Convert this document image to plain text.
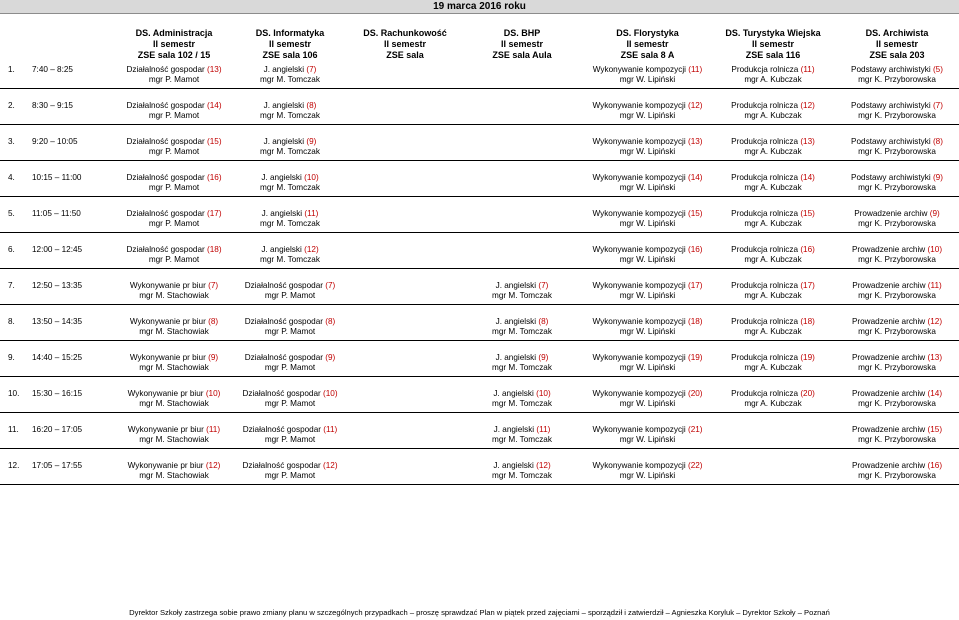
19 marca 2016 roku

	DS. Administracja
II semestr
ZSE sala 102 / 15	DS. Informatyka
II semestr
ZSE sala 106	DS. Rachunkowość
II semestr
ZSE sala	DS. BHP
II semestr
ZSE sala Aula	DS. Florystyka
II semestr
ZSE sala 8 A	DS. Turystyka Wiejska
II semestr
ZSE sala 116	DS. Archiwista
II semestr
ZSE sala 203

1. 7:40 – 8:25	Działalność gospodar (13)
mgr P. Mamot	J. angielski (7)
mgr M. Tomczak			Wykonywanie kompozycji (11)
mgr W. Lipiński	Produkcja rolnicza (11)
mgr A. Kubczak	Podstawy archiwistyki (5)
mgr K. Przyborowska

2. 8:30 – 9:15	Działalność gospodar (14)
mgr P. Mamot	J. angielski (8)
mgr M. Tomczak			Wykonywanie kompozycji (12)
mgr W. Lipiński	Produkcja rolnicza (12)
mgr A. Kubczak	Podstawy archiwistyki (7)
mgr K. Przyborowska

3. 9:20 – 10:05	Działalność gospodar (15)
mgr P. Mamot	J. angielski (9)
mgr M. Tomczak			Wykonywanie kompozycji (13)
mgr W. Lipiński	Produkcja rolnicza (13)
mgr A. Kubczak	Podstawy archiwistyki (8)
mgr K. Przyborowska

4. 10:15 – 11:00	Działalność gospodar (16)
mgr P. Mamot	J. angielski (10)
mgr M. Tomczak			Wykonywanie kompozycji (14)
mgr W. Lipiński	Produkcja rolnicza (14)
mgr A. Kubczak	Podstawy archiwistyki (9)
mgr K. Przyborowska

5. 11:05 – 11:50	Działalność gospodar (17)
mgr P. Mamot	J. angielski (11)
mgr M. Tomczak			Wykonywanie kompozycji (15)
mgr W. Lipiński	Produkcja rolnicza (15)
mgr A. Kubczak	Prowadzenie archiw (9)
mgr K. Przyborowska

6. 12:00 – 12:45	Działalność gospodar (18)
mgr P. Mamot	J. angielski (12)
mgr M. Tomczak			Wykonywanie kompozycji (16)
mgr W. Lipiński	Produkcja rolnicza (16)
mgr A. Kubczak	Prowadzenie archiw (10)
mgr K. Przyborowska

7. 12:50 – 13:35	Wykonywanie pr biur (7)
mgr M. Stachowiak	Działalność gospodar (7)
mgr P. Mamot		J. angielski (7)
mgr M. Tomczak	Wykonywanie kompozycji (17)
mgr W. Lipiński	Produkcja rolnicza (17)
mgr A. Kubczak	Prowadzenie archiw (11)
mgr K. Przyborowska

8. 13:50 – 14:35	Wykonywanie pr biur (8)
mgr M. Stachowiak	Działalność gospodar (8)
mgr P. Mamot		J. angielski (8)
mgr M. Tomczak	Wykonywanie kompozycji (18)
mgr W. Lipiński	Produkcja rolnicza (18)
mgr A. Kubczak	Prowadzenie archiw (12)
mgr K. Przyborowska

9. 14:40 – 15:25	Wykonywanie pr biur (9)
mgr M. Stachowiak	Działalność gospodar (9)
mgr P. Mamot		J. angielski (9)
mgr M. Tomczak	Wykonywanie kompozycji (19)
mgr W. Lipiński	Produkcja rolnicza (19)
mgr A. Kubczak	Prowadzenie archiw (13)
mgr K. Przyborowska

10. 15:30 – 16:15	Wykonywanie pr biur (10)
mgr M. Stachowiak	Działalność gospodar (10)
mgr P. Mamot		J. angielski (10)
mgr M. Tomczak	Wykonywanie kompozycji (20)
mgr W. Lipiński	Produkcja rolnicza (20)
mgr A. Kubczak	Prowadzenie archiw (14)
mgr K. Przyborowska

11. 16:20 – 17:05	Wykonywanie pr biur (11)
mgr M. Stachowiak	Działalność gospodar (11)
mgr P. Mamot		J. angielski (11)
mgr M. Tomczak	Wykonywanie kompozycji (21)
mgr W. Lipiński		Prowadzenie archiw (15)
mgr K. Przyborowska

12. 17:05 – 17:55	Wykonywanie pr biur (12)
mgr M. Stachowiak	Działalność gospodar (12)
mgr P. Mamot		J. angielski (12)
mgr M. Tomczak	Wykonywanie kompozycji (22)
mgr W. Lipiński		Prowadzenie archiw (16)
mgr K. Przyborowska
Dyrektor Szkoły zastrzega sobie prawo zmiany planu w szczególnych przypadkach – proszę sprawdzać Plan w piątek przed zajęciami – sporządził i zatwierdził – Agnieszka Koryluk – Dyrektor Szkoły – Poznań
